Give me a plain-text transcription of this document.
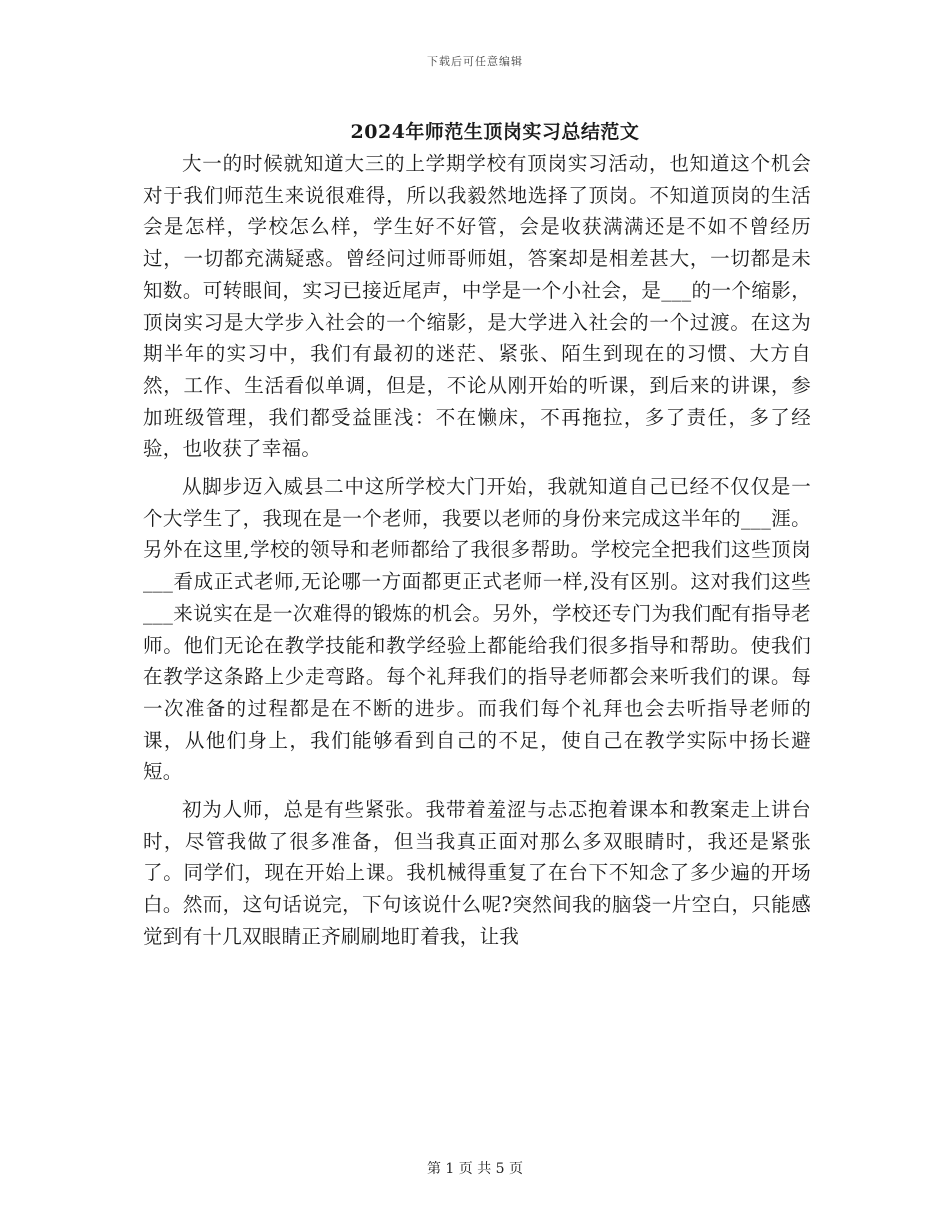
下载后可任意编辑
2024年师范生顶岗实习总结范文

大一的时候就知道大三的上学期学校有顶岗实习活动，也知道这个机会对于我们师范生来说很难得，所以我毅然地选择了顶岗。不知道顶岗的生活会是怎样，学校怎么样，学生好不好管，会是收获满满还是不如不曾经历过，一切都充满疑惑。曾经问过师哥师姐，答案却是相差甚大，一切都是未知数。可转眼间，实习已接近尾声，中学是一个小社会，是___的一个缩影，顶岗实习是大学步入社会的一个缩影，是大学进入社会的一个过渡。在这为期半年的实习中，我们有最初的迷茫、紧张、陌生到现在的习惯、大方自然，工作、生活看似单调，但是，不论从刚开始的听课，到后来的讲课，参加班级管理，我们都受益匪浅：不在懒床，不再拖拉，多了责任，多了经验，也收获了幸福。

从脚步迈入威县二中这所学校大门开始，我就知道自己已经不仅仅是一个大学生了，我现在是一个老师，我要以老师的身份来完成这半年的___涯。另外在这里,学校的领导和老师都给了我很多帮助。学校完全把我们这些顶岗___看成正式老师,无论哪一方面都更正式老师一样,没有区别。这对我们这些___来说实在是一次难得的锻炼的机会。另外，学校还专门为我们配有指导老师。他们无论在教学技能和教学经验上都能给我们很多指导和帮助。使我们在教学这条路上少走弯路。每个礼拜我们的指导老师都会来听我们的课。每一次准备的过程都是在不断的进步。而我们每个礼拜也会去听指导老师的课，从他们身上，我们能够看到自己的不足，使自己在教学实际中扬长避短。

初为人师，总是有些紧张。我带着羞涩与忐忑抱着课本和教案走上讲台时，尽管我做了很多准备，但当我真正面对那么多双眼睛时，我还是紧张了。同学们，现在开始上课。我机械得重复了在台下不知念了多少遍的开场白。然而，这句话说完，下句该说什么呢?突然间我的脑袋一片空白，只能感觉到有十几双眼睛正齐刷刷地盯着我，让我

第 1 页 共 5 页
